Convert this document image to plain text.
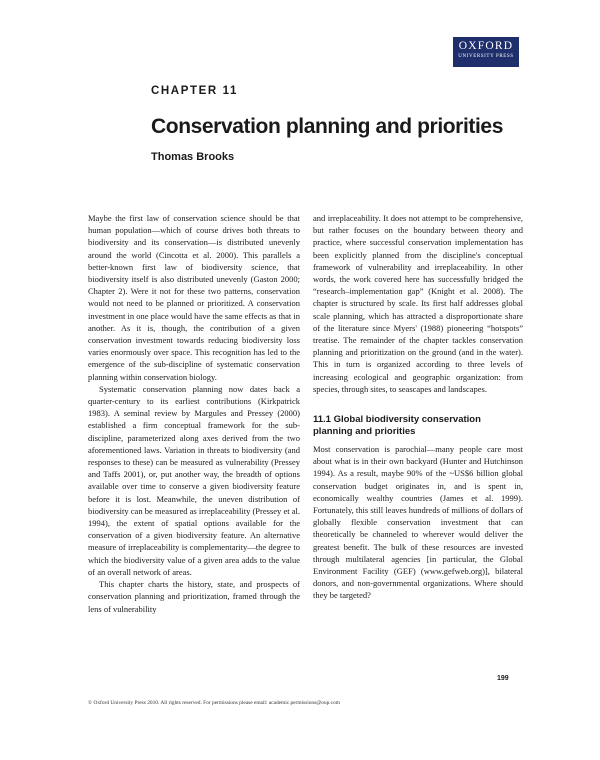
OXFORD
UNIVERSITY PRESS
CHAPTER 11
Conservation planning and priorities
Thomas Brooks

Maybe the first law of conservation science should be that human population—which of course drives both threats to biodiversity and its conservation—is distributed unevenly around the world (Cincotta et al. 2000). This parallels a better-known first law of biodiversity science, that biodiversity itself is also distributed unevenly (Gaston 2000; Chapter 2). Were it not for these two patterns, conservation would not need to be planned or prioritized. A conservation investment in one place would have the same effects as that in another. As it is, though, the contribution of a given conservation investment towards reducing biodiversity loss varies enormously over space. This recognition has led to the emergence of the sub-discipline of systematic conservation planning within conservation biology.

Systematic conservation planning now dates back a quarter-century to its earliest contributions (Kirkpatrick 1983). A seminal review by Margules and Pressey (2000) established a firm conceptual framework for the sub-discipline, parameterized along axes derived from the two aforementioned laws. Variation in threats to biodiversity (and responses to these) can be measured as vulnerability (Pressey and Taffs 2001), or, put another way, the breadth of options available over time to conserve a given biodiversity feature before it is lost. Meanwhile, the uneven distribution of biodiversity can be measured as irreplaceability (Pressey et al. 1994), the extent of spatial options available for the conservation of a given biodiversity feature. An alternative measure of irreplaceability is complementarity—the degree to which the biodiversity value of a given area adds to the value of an overall network of areas.

This chapter charts the history, state, and prospects of conservation planning and prioritization, framed through the lens of vulnerability

and irreplaceability. It does not attempt to be comprehensive, but rather focuses on the boundary between theory and practice, where successful conservation implementation has been explicitly planned from the discipline's conceptual framework of vulnerability and irreplaceability. In other words, the work covered here has successfully bridged the “research–implementation gap” (Knight et al. 2008). The chapter is structured by scale. Its first half addresses global scale planning, which has attracted a disproportionate share of the literature since Myers' (1988) pioneering “hotspots” treatise. The remainder of the chapter tackles conservation planning and prioritization on the ground (and in the water). This in turn is organized according to three levels of increasing ecological and geographic organization: from species, through sites, to seascapes and landscapes.

11.1 Global biodiversity conservation planning and priorities

Most conservation is parochial—many people care most about what is in their own backyard (Hunter and Hutchinson 1994). As a result, maybe 90% of the ~US$6 billion global conservation budget originates in, and is spent in, economically wealthy countries (James et al. 1999). Fortunately, this still leaves hundreds of millions of dollars of globally flexible conservation investment that can theoretically be channeled to wherever would deliver the greatest benefit. The bulk of these resources are invested through multilateral agencies [in particular, the Global Environment Facility (GEF) (www.gefweb.org)], bilateral donors, and non-governmental organizations. Where should they be targeted?

199
© Oxford University Press 2010. All rights reserved. For permissions please email: academic.permissions@oup.com
